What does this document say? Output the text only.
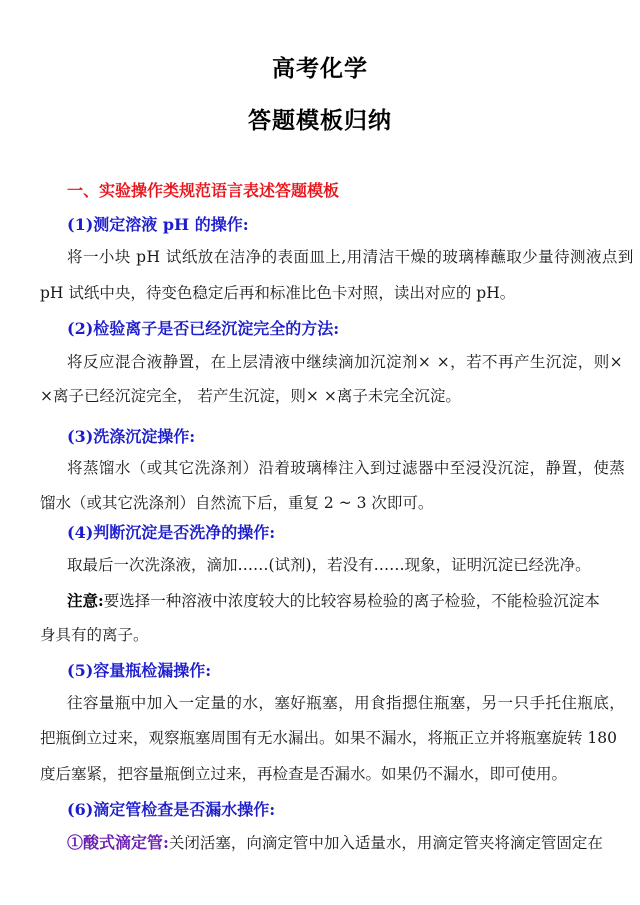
高考化学
答题模板归纳
一、实验操作类规范语言表述答题模板
(1)测定溶液 pH 的操作:
将一小块 pH 试纸放在洁净的表面皿上,用清洁干燥的玻璃棒蘸取少量待测液点到
pH 试纸中央，待变色稳定后再和标准比色卡对照，读出对应的 pH。
(2)检验离子是否已经沉淀完全的方法:
将反应混合液静置，在上层清液中继续滴加沉淀剂× ×，若不再产生沉淀，则×
×离子已经沉淀完全， 若产生沉淀，则× ×离子未完全沉淀。
(3)洗涤沉淀操作:
将蒸馏水（或其它洗涤剂）沿着玻璃棒注入到过滤器中至浸没沉淀，静置，使蒸
馏水（或其它洗涤剂）自然流下后，重复 2 ~ 3 次即可。
(4)判断沉淀是否洗净的操作:
取最后一次洗涤液，滴加……(试剂)，若没有……现象，证明沉淀已经洗净。
注意:要选择一种溶液中浓度较大的比较容易检验的离子检验，不能检验沉淀本
身具有的离子。
(5)容量瓶检漏操作:
往容量瓶中加入一定量的水，塞好瓶塞，用食指摁住瓶塞，另一只手托住瓶底，
把瓶倒立过来，观察瓶塞周围有无水漏出。如果不漏水，将瓶正立并将瓶塞旋转 180
度后塞紧，把容量瓶倒立过来，再检查是否漏水。如果仍不漏水，即可使用。
(6)滴定管检查是否漏水操作:
①酸式滴定管:关闭活塞，向滴定管中加入适量水，用滴定管夹将滴定管固定在
